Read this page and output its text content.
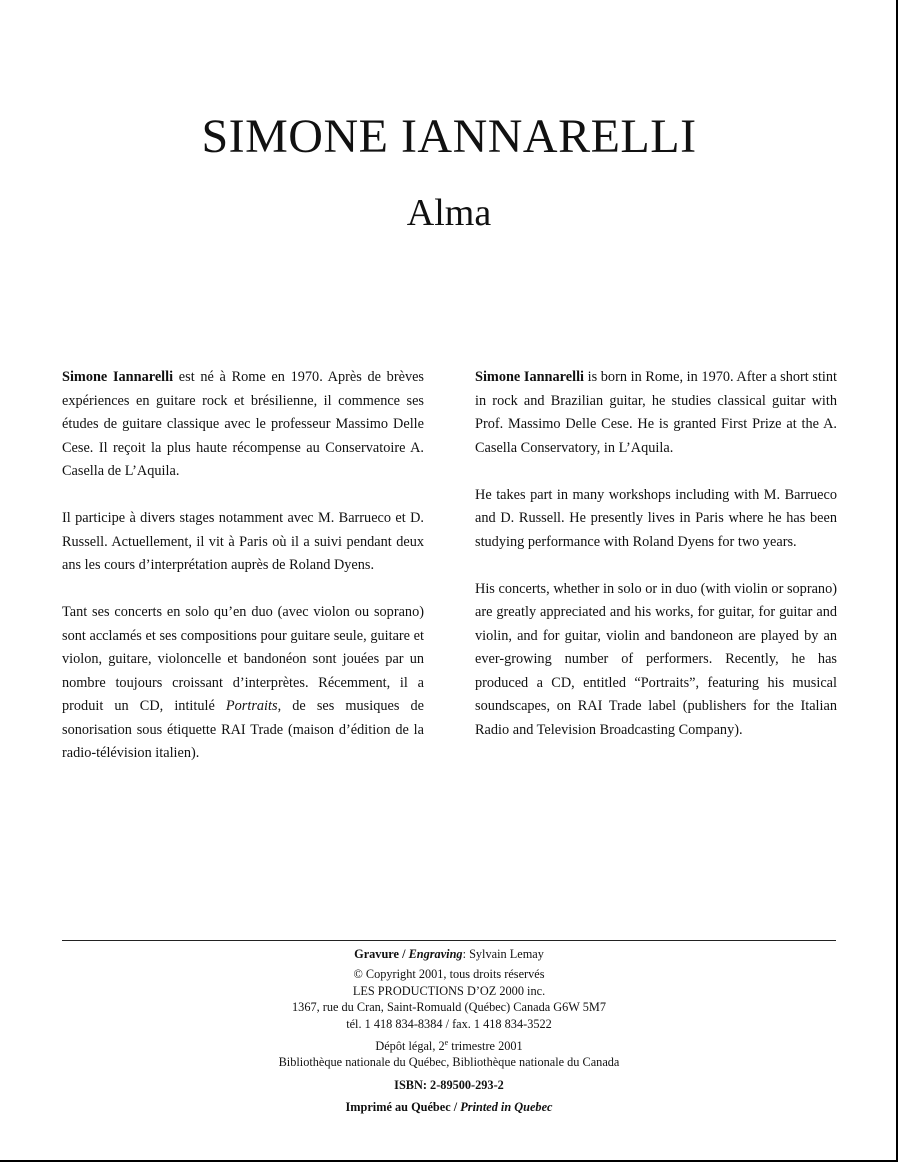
SIMONE IANNARELLI
Alma

Simone Iannarelli est né à Rome en 1970. Après de brèves expériences en guitare rock et brésilienne, il commence ses études de guitare classique avec le professeur Massimo Delle Cese. Il reçoit la plus haute récompense au Conservatoire A. Casella de L’Aquila.

Il participe à divers stages notamment avec M. Barrueco et D. Russell. Actuellement, il vit à Paris où il a suivi pendant deux ans les cours d’interprétation auprès de Roland Dyens.

Tant ses concerts en solo qu’en duo (avec violon ou soprano) sont acclamés et ses compositions pour guitare seule, guitare et violon, guitare, violoncelle et bandonéon sont jouées par un nombre toujours croissant d’interprètes. Récemment, il a produit un CD, intitulé Portraits, de ses musiques de sonorisation sous étiquette RAI Trade (maison d’édition de la radio-télévision italien).

Simone Iannarelli is born in Rome, in 1970. After a short stint in rock and Brazilian guitar, he studies classical guitar with Prof. Massimo Delle Cese. He is granted First Prize at the A. Casella Conservatory, in L’Aquila.

He takes part in many workshops including with M. Barrueco and D. Russell. He presently lives in Paris where he has been studying performance with Roland Dyens for two years.

His concerts, whether in solo or in duo (with violin or soprano) are greatly appreciated and his works, for guitar, for guitar and violin, and for guitar, violin and bandoneon are played by an ever-growing number of performers. Recently, he has produced a CD, entitled “Portraits”, featuring his musical soundscapes, on RAI Trade label (publishers for the Italian Radio and Television Broadcasting Company).

Gravure / Engraving: Sylvain Lemay
© Copyright 2001, tous droits réservés
LES PRODUCTIONS D’OZ 2000 inc.
1367, rue du Cran, Saint-Romuald (Québec) Canada G6W 5M7
tél. 1 418 834-8384 / fax. 1 418 834-3522
Dépôt légal, 2e trimestre 2001
Bibliothèque nationale du Québec, Bibliothèque nationale du Canada
ISBN: 2-89500-293-2
Imprimé au Québec / Printed in Quebec
